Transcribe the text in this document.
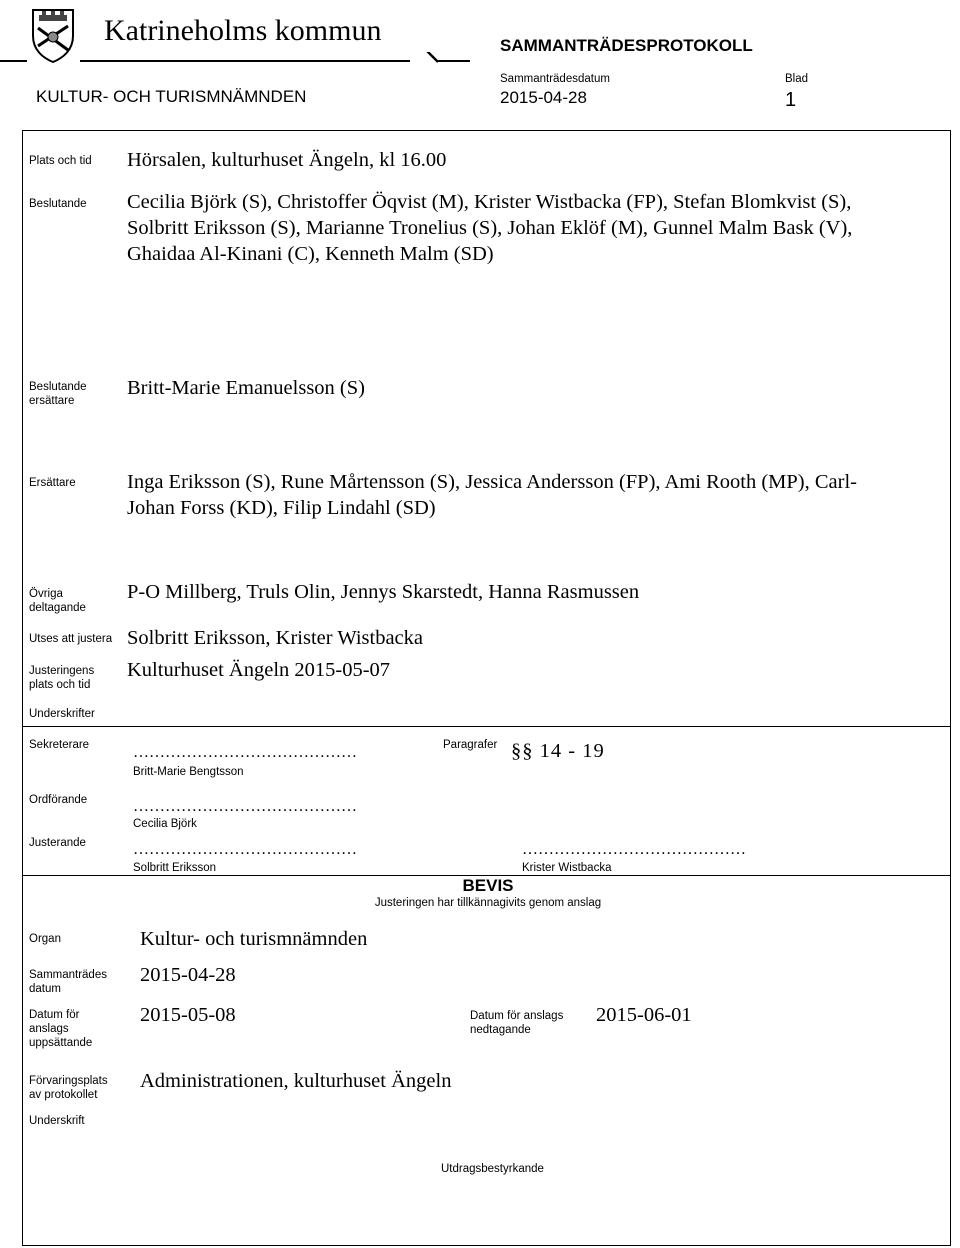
Katrineholms kommun	SAMMANTRÄDESPROTOKOLL
KULTUR- OCH TURISMNÄMNDEN
Sammanträdesdatum
2015-04-28
Blad
1
Plats och tid Hörsalen, kulturhuset Ängeln, kl 16.00
Beslutande Cecilia Björk (S), Christoffer Öqvist (M), Krister Wistbacka (FP), Stefan Blomkvist (S),
Solbritt Eriksson (S), Marianne Tronelius (S), Johan Eklöf (M), Gunnel Malm Bask (V),
Ghaidaa Al-Kinani (C), Kenneth Malm (SD)
Beslutande
ersättare
Britt-Marie Emanuelsson (S)
Ersättare	Inga Eriksson (S), Rune Mårtensson (S), Jessica Andersson (FP), Ami Rooth (MP), Carl-
Johan Forss (KD), Filip Lindahl (SD)
Övriga
deltagande
P-O Millberg, Truls Olin, Jennys Skarstedt, Hanna Rasmussen
Utses att justera Solbritt Eriksson, Krister Wistbacka
Justeringens
plats och tid
Kulturhuset Ängeln 2015-05-07
Underskrifter
Sekreterare	……………………………………
Britt-Marie Bengtsson
Paragrafer §§ 14 - 19
Ordförande	……………………………………
Cecilia Björk
Justerande	……………………………………
Solbritt Eriksson
……………………………………
Krister Wistbacka
BEVIS
Justeringen har tillkännagivits genom anslag
Organ	Kultur- och turismnämnden
Sammanträdes
datum
2015-04-28
Datum för
anslags
uppsättande
2015-05-08	Datum för anslags
nedtagande
2015-06-01
Förvaringsplats
av protokollet
Administrationen, kulturhuset Ängeln
Underskrift
Utdragsbestyrkande
